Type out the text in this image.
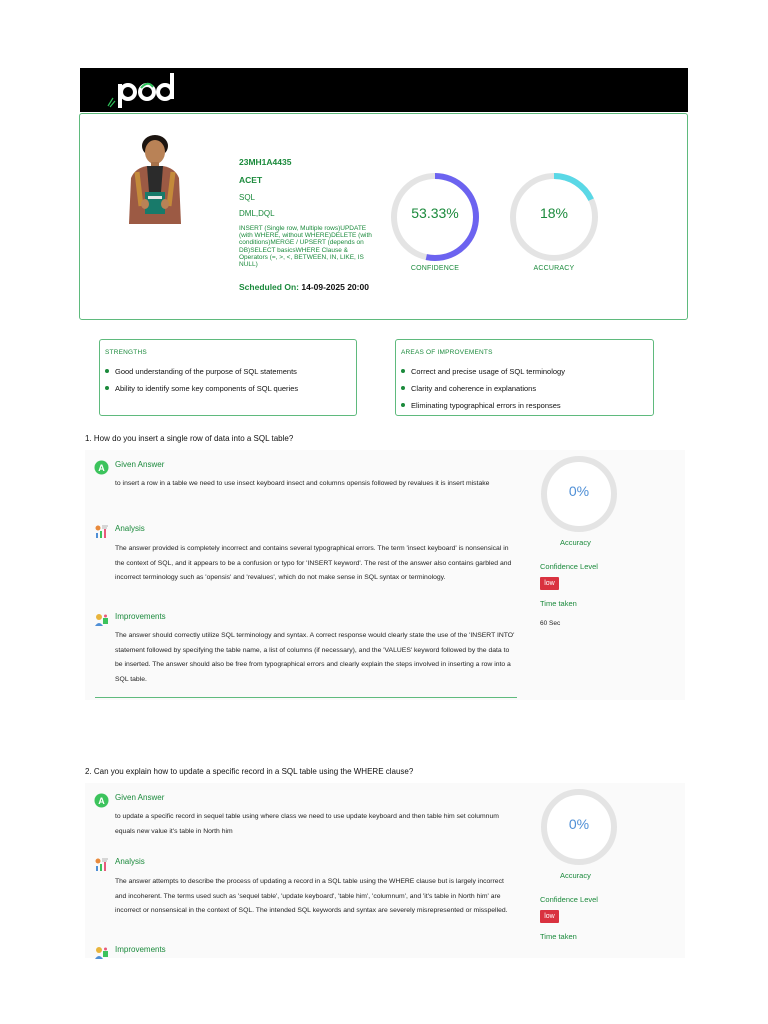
23MH1A4435
ACET
SQL
DML,DQL
INSERT (Single row, Multiple rows)UPDATE (with WHERE, without WHERE)DELETE (with conditions)MERGE / UPSERT (depends on DB)SELECT basicsWHERE Clause & Operators (=, >, <, BETWEEN, IN, LIKE, IS NULL)
Scheduled On: 14-09-2025 20:00
53.33%
CONFIDENCE
18%
ACCURACY
STRENGTHS
Good understanding of the purpose of SQL statements
Ability to identify some key components of SQL queries
AREAS OF IMPROVEMENTS
Correct and precise usage of SQL terminology
Clarity and coherence in explanations
Eliminating typographical errors in responses
1. How do you insert a single row of data into a SQL table?
A Given Answer
to insert a row in a table we need to use insect keyboard insect and columns opensis followed by revalues it is insert mistake
Analysis
The answer provided is completely incorrect and contains several typographical errors. The term 'insect keyboard' is nonsensical in the context of SQL, and it appears to be a confusion or typo for 'INSERT keyword'. The rest of the answer also contains garbled and incorrect terminology such as 'opensis' and 'revalues', which do not make sense in SQL syntax or terminology.
Improvements
The answer should correctly utilize SQL terminology and syntax. A correct response would clearly state the use of the 'INSERT INTO' statement followed by specifying the table name, a list of columns (if necessary), and the 'VALUES' keyword followed by the data to be inserted. The answer should also be free from typographical errors and clearly explain the steps involved in inserting a row into a SQL table.
0%
Accuracy
Confidence Level
low
Time taken
60 Sec
2. Can you explain how to update a specific record in a SQL table using the WHERE clause?
A Given Answer
to update a specific record in sequel table using where class we need to use update keyboard and then table him set columnum equals new value it's table in North him
Analysis
The answer attempts to describe the process of updating a record in a SQL table using the WHERE clause but is largely incorrect and incoherent. The terms used such as 'sequel table', 'update keyboard', 'table him', 'columnum', and 'it's table in North him' are incorrect or nonsensical in the context of SQL. The intended SQL keywords and syntax are severely misrepresented or misspelled.
Improvements
0%
Accuracy
Confidence Level
low
Time taken
